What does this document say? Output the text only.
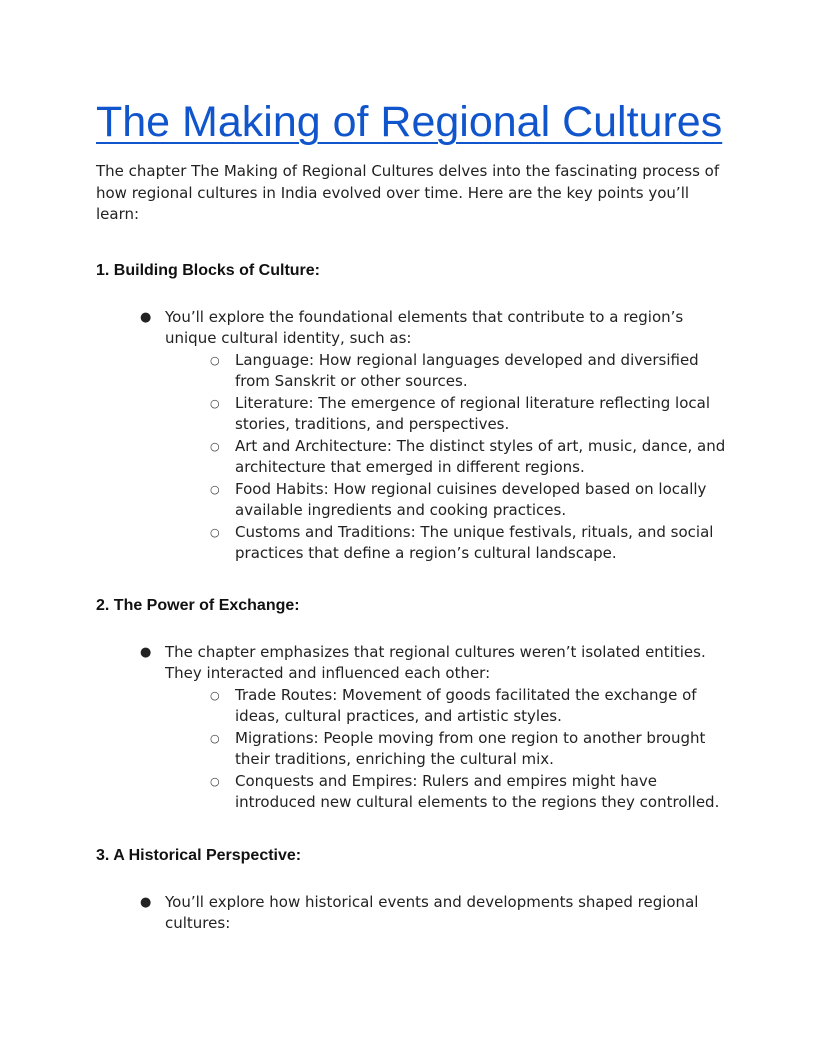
The Making of Regional Cultures

The chapter The Making of Regional Cultures delves into the fascinating process of how regional cultures in India evolved over time. Here are the key points you’ll learn:

1. Building Blocks of Culture:
● You’ll explore the foundational elements that contribute to a region’s unique cultural identity, such as:
○ Language: How regional languages developed and diversified from Sanskrit or other sources.
○ Literature: The emergence of regional literature reflecting local stories, traditions, and perspectives.
○ Art and Architecture: The distinct styles of art, music, dance, and architecture that emerged in different regions.
○ Food Habits: How regional cuisines developed based on locally available ingredients and cooking practices.
○ Customs and Traditions: The unique festivals, rituals, and social practices that define a region’s cultural landscape.
2. The Power of Exchange:
● The chapter emphasizes that regional cultures weren’t isolated entities. They interacted and influenced each other:
○ Trade Routes: Movement of goods facilitated the exchange of ideas, cultural practices, and artistic styles.
○ Migrations: People moving from one region to another brought their traditions, enriching the cultural mix.
○ Conquests and Empires: Rulers and empires might have introduced new cultural elements to the regions they controlled.
3. A Historical Perspective:
● You’ll explore how historical events and developments shaped regional cultures:
